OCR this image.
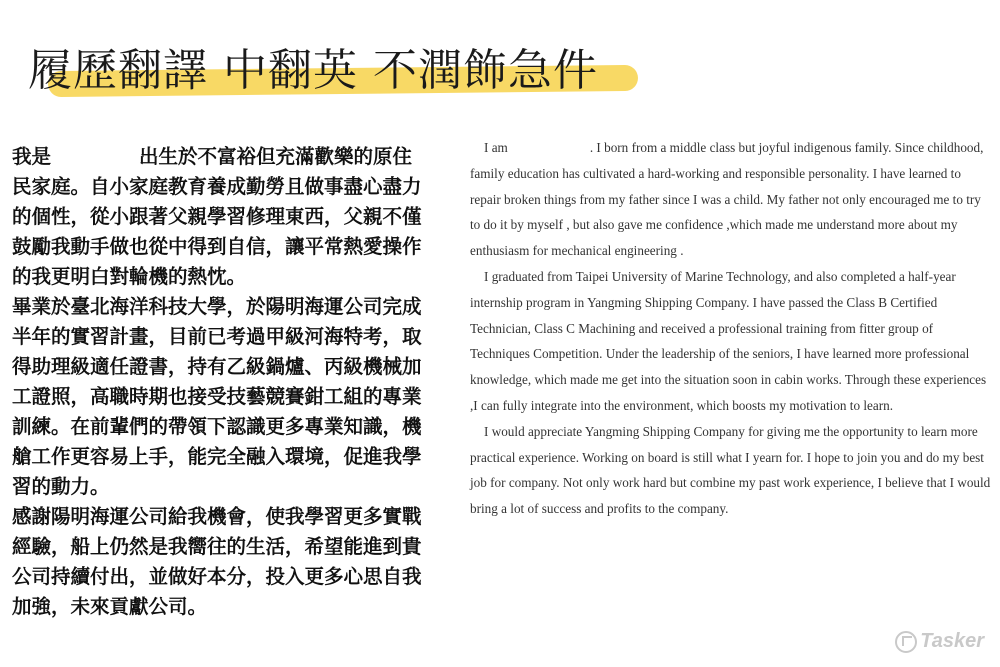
履歷翻譯 中翻英 不潤飾急件

我是	出生於不富裕但充滿歡樂的原住民家庭。自小家庭教育養成勤勞且做事盡心盡力的個性，從小跟著父親學習修理東西，父親不僅鼓勵我動手做也從中得到自信，讓平常熱愛操作的我更明白對輪機的熱忱。

畢業於臺北海洋科技大學，於陽明海運公司完成半年的實習計畫，目前已考過甲級河海特考，取得助理級適任證書，持有乙級鍋爐、丙級機械加工證照，高職時期也接受技藝競賽鉗工組的專業訓練。在前輩們的帶領下認識更多專業知識，機艙工作更容易上手，能完全融入環境，促進我學習的動力。

感謝陽明海運公司給我機會，使我學習更多實戰經驗，船上仍然是我嚮往的生活，希望能進到貴公司持續付出，並做好本分，投入更多心思自我加強，未來貢獻公司。

I am	. I born from a middle class but joyful indigenous family. Since childhood, family education has cultivated a hard-working and responsible personality. I have learned to repair broken things from my father since I was a child. My father not only encouraged me to try to do it by myself , but also gave me confidence ,which made me understand more about my enthusiasm for mechanical engineering .

I graduated from Taipei University of Marine Technology, and also completed a half-year internship program in Yangming Shipping Company. I have passed the Class B Certified Technician, Class C Machining and received a professional training from fitter group of Techniques Competition. Under the leadership of the seniors, I have learned more professional knowledge, which made me get into the situation soon in cabin works. Through these experiences ,I can fully integrate into the environment, which boosts my motivation to learn.

I would appreciate Yangming Shipping Company for giving me the opportunity to learn more practical experience. Working on board is still what I yearn for. I hope to join you and do my best job for company. Not only work hard but combine my past work experience, I believe that I would bring a lot of success and profits to the company.

Tasker
